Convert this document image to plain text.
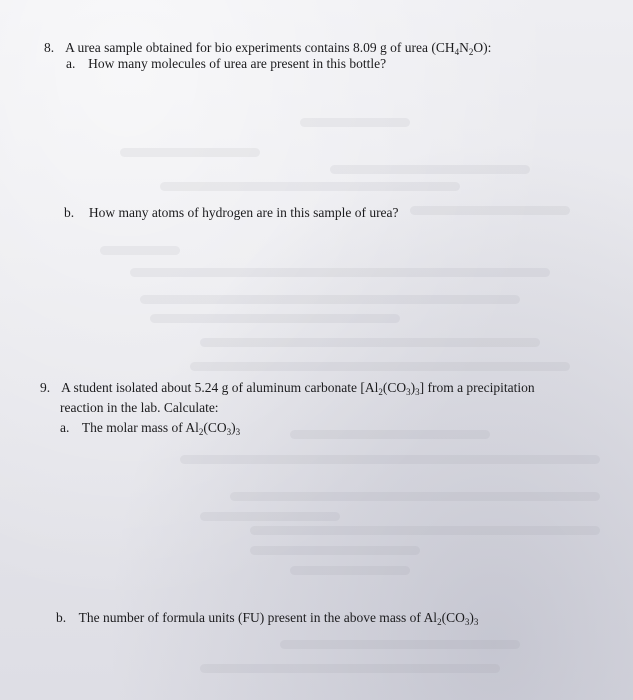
8. A urea sample obtained for bio experiments contains 8.09 g of urea $(CH_4N_2O)$:
a. How many molecules of urea are present in this bottle?
b. How many atoms of hydrogen are in this sample of urea?
9. A student isolated about 5.24 g of aluminum carbonate $[Al_2(CO_3)_3]$ from a precipitation
reaction in the lab. Calculate:
a. The molar mass of $Al_2(CO_3)_3$
b. The number of formula units (FU) present in the above mass of $Al_2(CO_3)_3$
